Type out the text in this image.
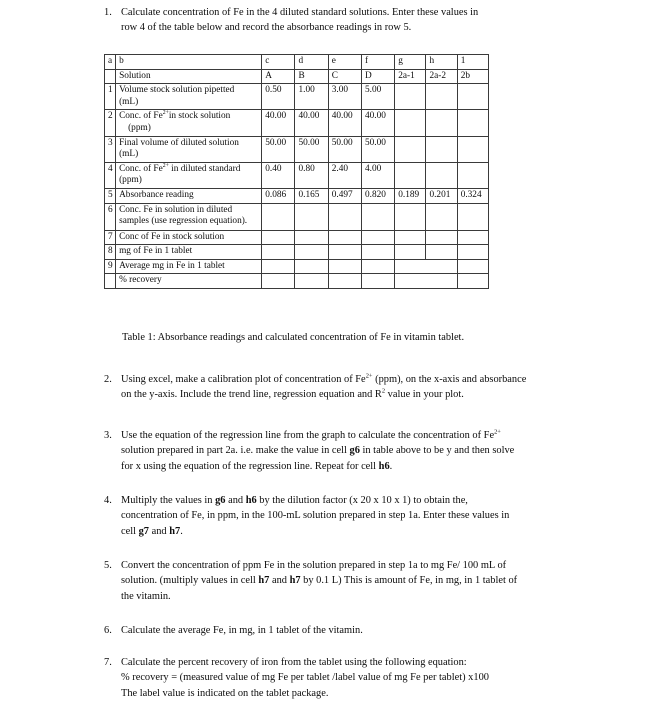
1. Calculate concentration of Fe in the 4 diluted standard solutions. Enter these values in
row 4 of the table below and record the absorbance readings in row 5.
a	b	c	d	e	f	g	h	1
	Solution	A	B	C	D	2a-1	2a-2	2b
1	Volume stock solution pipetted
(mL)	0.50	1.00	3.00	5.00			
2	Conc. of $Fe^{2+}in$ stock solution
(ppm)	40.00	40.00	40.00	40.00			
3	Final volume of diluted solution
(mL)	50.00	50.00	50.00	50.00			
4	Conc. of $Fe^{2+}$ in diluted standard
(ppm)	0.40	0.80	2.40	4.00			
5	Absorbance reading	0.086	0.165	0.497	0.820	0.189	0.201	0.324
6	Conc. Fe in solution in diluted
samples (use regression equation).							
7	Conc of Fe in stock solution							
8	mg of Fe in 1 tablet							
9	Average mg in Fe in 1 tablet							
	% recovery							
Table 1: Absorbance readings and calculated concentration of Fe in vitamin tablet.
2. Using excel, make a calibration plot of concentration of $Fe^{2+}$ (ppm), on the x-axis and absorbance
on the y-axis. Include the trend line, regression equation and $R^2$ value in your plot.
3. Use the equation of the regression line from the graph to calculate the concentration of $Fe^{2+}$
solution prepared in part 2a. i.e. make the value in cell g6 in table above to be y and then solve
for x using the equation of the regression line. Repeat for cell h6.
4. Multiply the values in g6 and h6 by the dilution factor (x 20 x 10 x 1) to obtain the,
concentration of Fe, in ppm, in the 100-mL solution prepared in step 1a. Enter these values in
cell g7 and h7.
5. Convert the concentration of ppm Fe in the solution prepared in step 1a to mg Fe/ 100 mL of
solution. (multiply values in cell h7 and h7 by 0.1 L) This is amount of Fe, in mg, in 1 tablet of
the vitamin.
6. Calculate the average Fe, in mg, in 1 tablet of the vitamin.
7. Calculate the percent recovery of iron from the tablet using the following equation:
% recovery = (measured value of mg Fe per tablet /label value of mg Fe per tablet) x100
The label value is indicated on the tablet package.
